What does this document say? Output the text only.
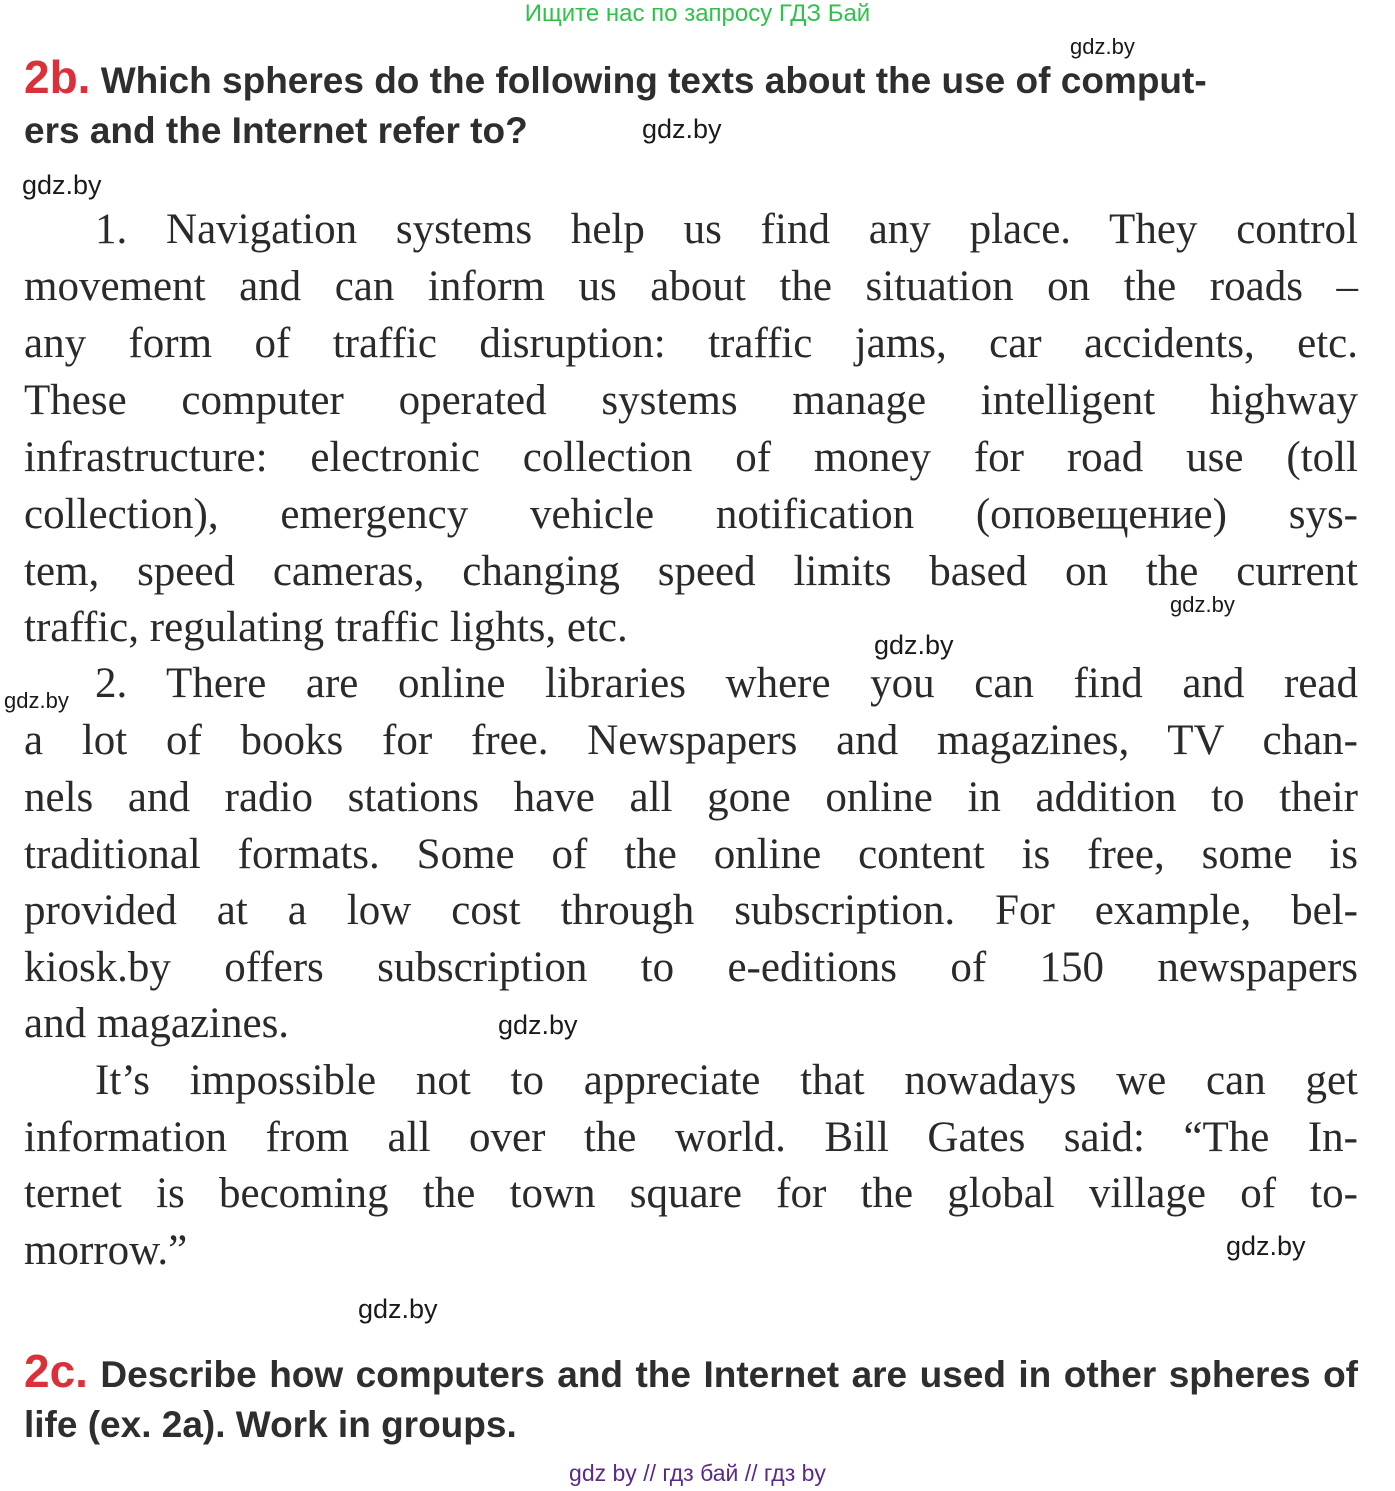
Ищите нас по запросу ГДЗ Бай
gdz.by
2b. Which spheres do the following texts about the use of comput-
ers and the Internet refer to?	gdz.by
gdz.by
1. Navigation systems help us find any place. They control
movement and can inform us about the situation on the roads –
any form of traffic disruption: traffic jams, car accidents, etc.
These computer operated systems manage intelligent highway
infrastructure: electronic collection of money for road use (toll
collection), emergency vehicle notification (оповещение) sys-
tem, speed cameras, changing speed limits based on the current
traffic, regulating traffic lights, etc.	gdz.by
gdz.by
gdz.by 2. There are online libraries where you can find and read
a lot of books for free. Newspapers and magazines, TV chan-
nels and radio stations have all gone online in addition to their
traditional formats. Some of the online content is free, some is
provided at a low cost through subscription. For example, bel-
kiosk.by offers subscription to e-editions of 150 newspapers
and magazines.	gdz.by
It’s impossible not to appreciate that nowadays we can get
information from all over the world. Bill Gates said: “The In-
ternet is becoming the town square for the global village of to-
morrow.”	gdz.by
gdz.by
2c. Describe how computers and the Internet are used in other spheres of life (ex. 2a). Work in groups.
gdz by // гдз бай // гдз by
